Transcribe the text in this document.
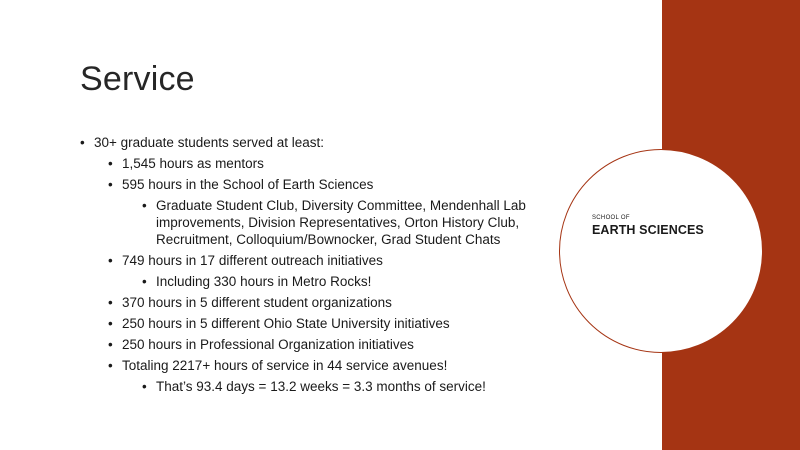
Service
• 30+ graduate students served at least:
• 1,545 hours as mentors
• 595 hours in the School of Earth Sciences
• Graduate Student Club, Diversity Committee, Mendenhall Lab improvements, Division Representatives, Orton History Club, Recruitment, Colloquium/Bownocker, Grad Student Chats
• 749 hours in 17 different outreach initiatives
• Including 330 hours in Metro Rocks!
• 370 hours in 5 different student organizations
• 250 hours in 5 different Ohio State University initiatives
• 250 hours in Professional Organization initiatives
• Totaling 2217+ hours of service in 44 service avenues!
• That’s 93.4 days = 13.2 weeks = 3.3 months of service!
SCHOOL OF
EARTH SCIENCES
